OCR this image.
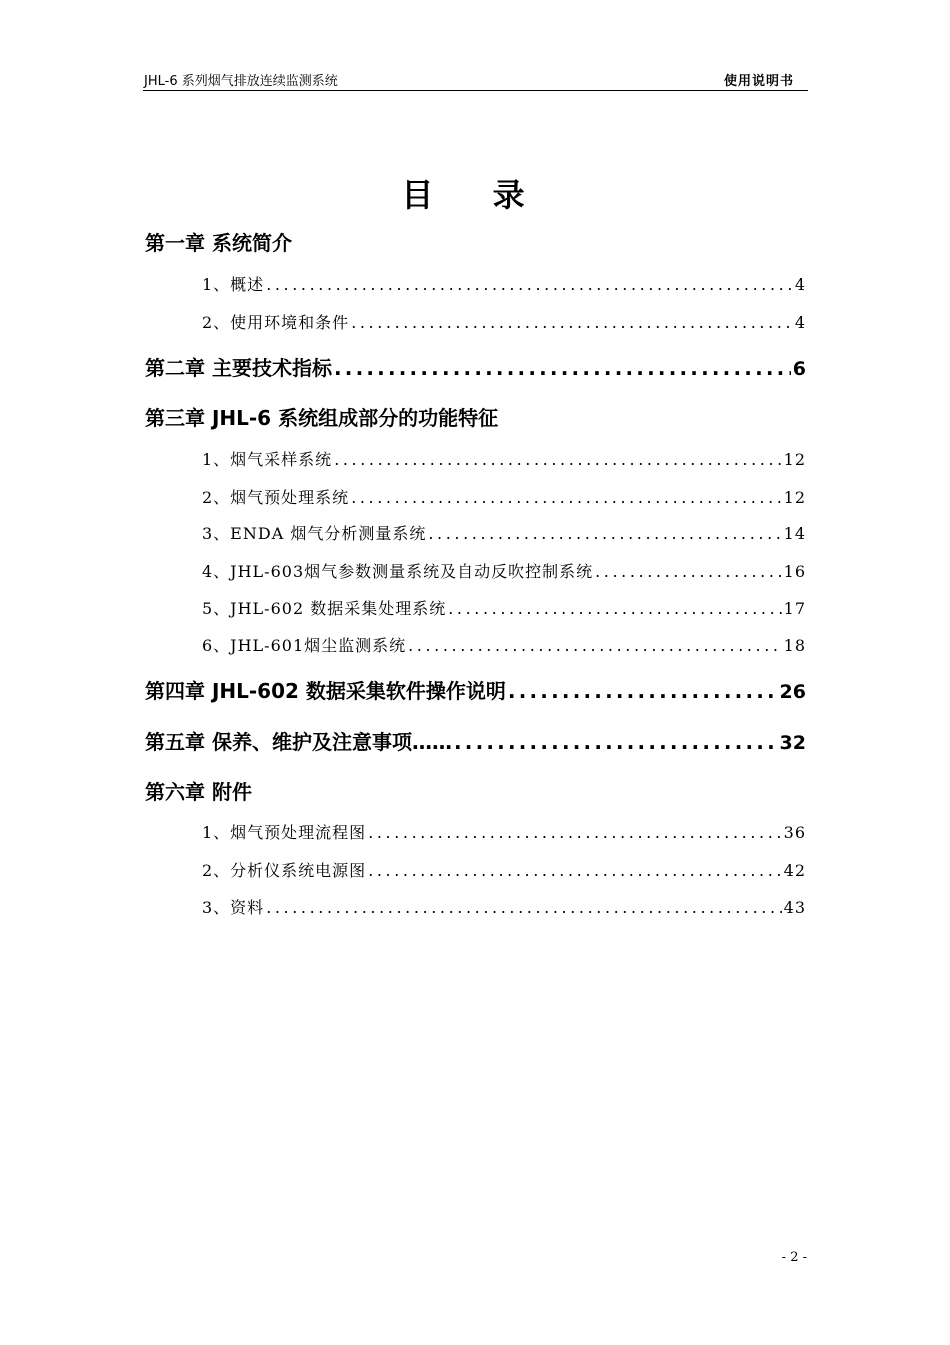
JHL-6 系列烟气排放连续监测系统	使用说明书
目 录
第一章 系统简介
1、概述 .....	4
2、使用环境和条件 .....	4
第二章 主要技术指标 .....	6
第三章 JHL-6 系统组成部分的功能特征
1、烟气采样系统 .....	12
2、烟气预处理系统 .....	12
3、ENDA 烟气分析测量系统 .....	14
4、JHL-603烟气参数测量系统及自动反吹控制系统 .....	16
5、JHL-602 数据采集处理系统 .....	17
6、JHL-601烟尘监测系统 .....	18
第四章 JHL-602 数据采集软件操作说明 .....	26
第五章 保养、维护及注意事项…… .....	32
第六章 附件
1、烟气预处理流程图 .....	36
2、分析仪系统电源图 .....	42
3、资料 .....	43
- 2 -
